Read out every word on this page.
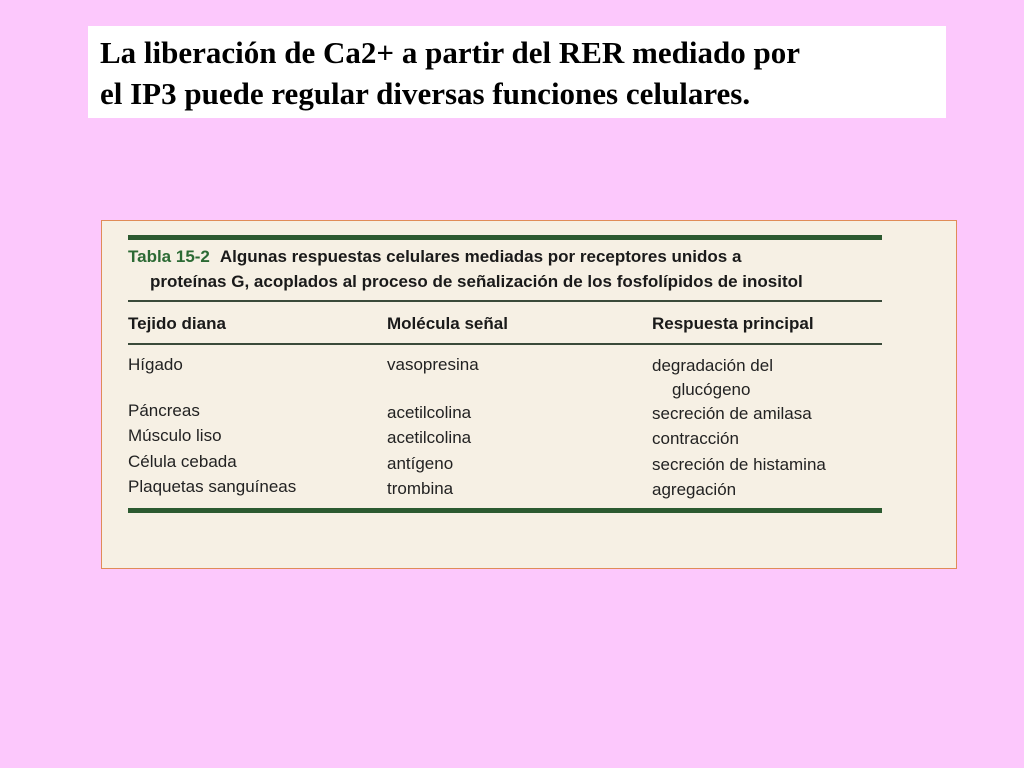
La liberación de Ca2+ a partir del RER mediado por
el IP3 puede regular diversas funciones celulares.
Tabla 15-2 Algunas respuestas celulares mediadas por receptores unidos a
proteínas G, acoplados al proceso de señalización de los fosfolípidos de inositol
Tejido diana	Molécula señal	Respuesta principal
Hígado	vasopresina	degradación del
glucógeno
Páncreas	acetilcolina	secreción de amilasa
Músculo liso	acetilcolina	contracción
Célula cebada	antígeno	secreción de histamina
Plaquetas sanguíneas	trombina	agregación
